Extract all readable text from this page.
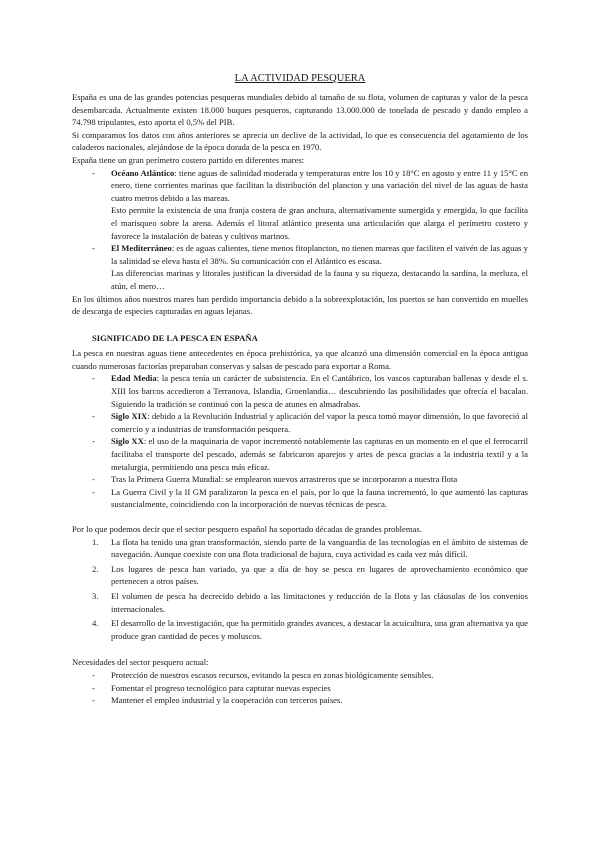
LA ACTIVIDAD PESQUERA

España es una de las grandes potencias pesqueras mundiales debido al tamaño de su flota, volumen de capturas y valor de la pesca desembarcada. Actualmente existen 18.000 buques pesqueros, capturando 13.000.000 de tonelada de pescado y dando empleo a 74.798 tripulantes, esto aporta el 0,5% del PIB.

Si comparamos los datos con años anteriores se aprecia un declive de la actividad, lo que es consecuencia del agotamiento de los caladeros nacionales, alejándose de la época dorada de la pesca en 1970.

España tiene un gran perímetro costero partido en diferentes mares:

- Océano Atlántico: tiene aguas de salinidad moderada y temperaturas entre los 10 y 18°C en agosto y entre 11 y 15°C en enero, tiene corrientes marinas que facilitan la distribución del plancton y una variación del nivel de las aguas de hasta cuatro metros debido a las mareas.
Esto permite la existencia de una franja costera de gran anchura, alternativamente sumergida y emergida, lo que facilita el marisqueo sobre la arena. Además el litoral atlántico presenta una articulación que alarga el perímetro costero y favorece la instalación de bateas y cultivos marinos.
- El Mediterráneo: es de aguas calientes, tiene menos fitoplancton, no tienen mareas que faciliten el vaivén de las aguas y la salinidad se eleva hasta el 38%. Su comunicación con el Atlántico es escasa.
Las diferencias marinas y litorales justifican la diversidad de la fauna y su riqueza, destacando la sardina, la merluza, el atún, el mero…

En los últimos años nuestros mares han perdido importancia debido a la sobreexplotación, los puertos se han convertido en muelles de descarga de especies capturadas en aguas lejanas.

SIGNIFICADO DE LA PESCA EN ESPAÑA

La pesca en nuestras aguas tiene antecedentes en época prehistórica, ya que alcanzó una dimensión comercial en la época antigua cuando numerosas factorías preparaban conservas y salsas de pescado para exportar a Roma.

- Edad Media: la pesca tenía un carácter de subsistencia. En el Cantábrico, los vascos capturaban ballenas y desde el s. XIII los barcos accedieron a Terranova, Islandia, Groenlandia… descubriendo las posibilidades que ofrecía el bacalao. Siguiendo la tradición se continuó con la pesca de atunes en almadrabas.
- Siglo XIX: debido a la Revolución Industrial y aplicación del vapor la pesca tomó mayor dimensión, lo que favoreció al comercio y a industrias de transformación pesquera.
- Siglo XX: el uso de la maquinaria de vapor incrementó notablemente las capturas en un momento en el que el ferrocarril facilitaba el transporte del pescado, además se fabricaron aparejos y artes de pesca gracias a la industria textil y a la metalurgia, permitiendo una pesca más eficaz.
- Tras la Primera Guerra Mundial: se emplearon nuevos arrastreros que se incorporaron a nuestra flota
- La Guerra Civil y la II GM paralizaron la pesca en el país, por lo que la fauna incrementó, lo que aumentó las capturas sustancialmente, coincidiendo con la incorporación de nuevas técnicas de pesca.

Por lo que podemos decir que el sector pesquero español ha soportado décadas de grandes problemas.

1. La flota ha tenido una gran transformación, siendo parte de la vanguardia de las tecnologías en el ámbito de sistemas de navegación. Aunque coexiste con una flota tradicional de bajura, cuya actividad es cada vez más difícil.
2. Los lugares de pesca han variado, ya que a día de hoy se pesca en lugares de aprovechamiento económico que pertenecen a otros países.
3. El volumen de pesca ha decrecido debido a las limitaciones y reducción de la flota y las cláusulas de los convenios internacionales.
4. El desarrollo de la investigación, que ha permitido grandes avances, a destacar la acuicultura, una gran alternativa ya que produce gran cantidad de peces y moluscos.

Necesidades del sector pesquero actual:

- Protección de nuestros escasos recursos, evitando la pesca en zonas biológicamente sensibles.
- Fomentar el progreso tecnológico para capturar nuevas especies
- Mantener el empleo industrial y la cooperación con terceros países.
